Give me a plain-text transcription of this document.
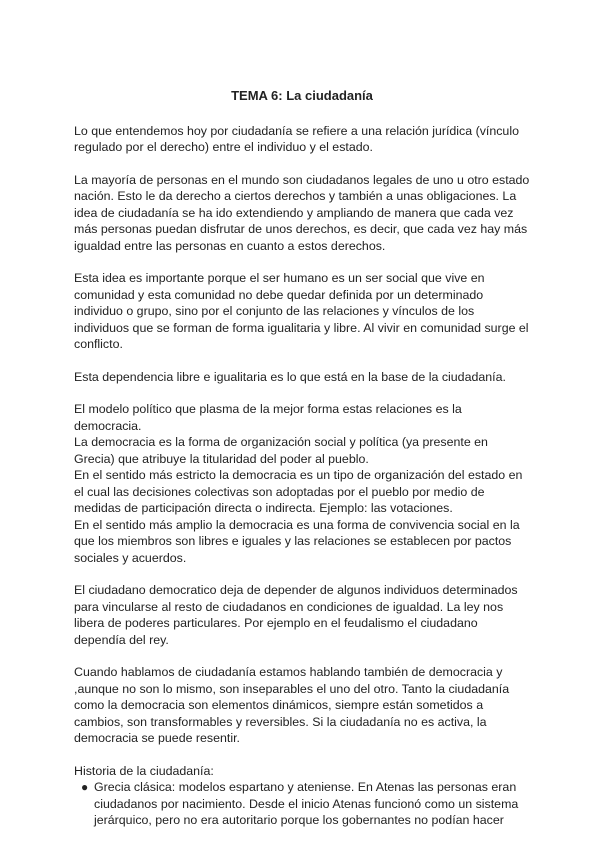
TEMA 6: La ciudadanía

Lo que entendemos hoy por ciudadanía se refiere a una relación jurídica (vínculo regulado por el derecho) entre el individuo y el estado.

La mayoría de personas en el mundo son ciudadanos legales de uno u otro estado nación. Esto le da derecho a ciertos derechos y también a unas obligaciones. La idea de ciudadanía se ha ido extendiendo y ampliando de manera que cada vez más personas puedan disfrutar de unos derechos, es decir, que cada vez hay más igualdad entre las personas en cuanto a estos derechos.

Esta idea es importante porque el ser humano es un ser social que vive en comunidad y esta comunidad no debe quedar definida por un determinado individuo o grupo, sino por el conjunto de las relaciones y vínculos de los individuos que se forman de forma igualitaria y libre. Al vivir en comunidad surge el conflicto.

Esta dependencia libre e igualitaria es lo que está en la base de la ciudadanía.

El modelo político que plasma de la mejor forma estas relaciones es la democracia.

La democracia es la forma de organización social y política (ya presente en Grecia) que atribuye la titularidad del poder al pueblo.

En el sentido más estricto la democracia es un tipo de organización del estado en el cual las decisiones colectivas son adoptadas por el pueblo por medio de medidas de participación directa o indirecta. Ejemplo: las votaciones.

En el sentido más amplio la democracia es una forma de convivencia social en la que los miembros son libres e iguales y las relaciones se establecen por pactos sociales y acuerdos.

El ciudadano democratico deja de depender de algunos individuos determinados para vincularse al resto de ciudadanos en condiciones de igualdad. La ley nos libera de poderes particulares. Por ejemplo en el feudalismo el ciudadano dependía del rey.

Cuando hablamos de ciudadanía estamos hablando también de democracia y ,aunque no son lo mismo, son inseparables el uno del otro. Tanto la ciudadanía como la democracia son elementos dinámicos, siempre están sometidos a cambios, son transformables y reversibles. Si la ciudadanía no es activa, la democracia se puede resentir.

Historia de la ciudadanía:

● Grecia clásica: modelos espartano y ateniense. En Atenas las personas eran ciudadanos por nacimiento. Desde el inicio Atenas funcionó como un sistema jerárquico, pero no era autoritario porque los gobernantes no podían hacer
